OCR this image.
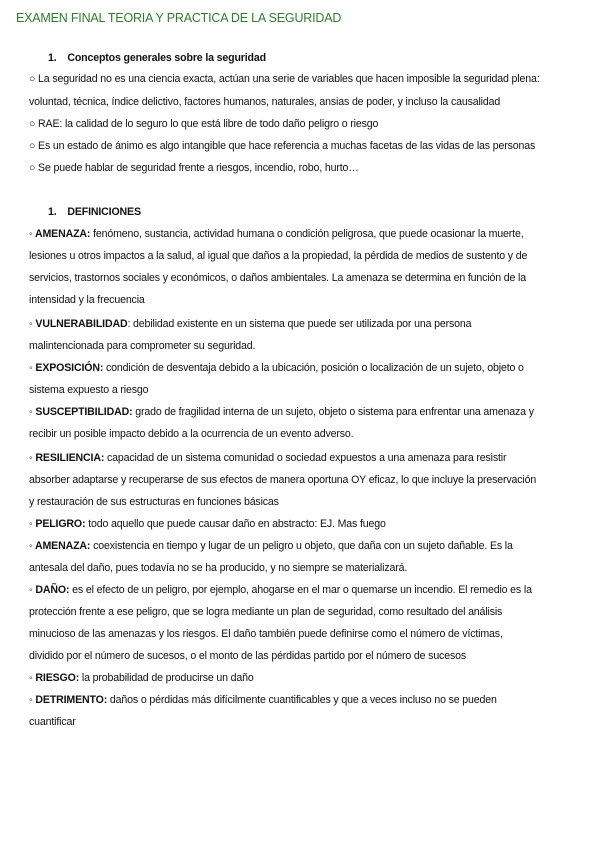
EXAMEN FINAL TEORIA Y PRACTICA DE LA SEGURIDAD
1. Conceptos generales sobre la seguridad
○ La seguridad no es una ciencia exacta, actúan una serie de variables que hacen imposible la seguridad plena:
voluntad, técnica, índice delictivo, factores humanos, naturales, ansias de poder, y incluso la causalidad
○ RAE: la calidad de lo seguro lo que está libre de todo daño peligro o riesgo
○ Es un estado de ánimo es algo intangible que hace referencia a muchas facetas de las vidas de las personas
○ Se puede hablar de seguridad frente a riesgos, incendio, robo, hurto…
1. DEFINICIONES
◦ AMENAZA: fenómeno, sustancia, actividad humana o condición peligrosa, que puede ocasionar la muerte,
lesiones u otros impactos a la salud, al igual que daños a la propiedad, la pérdida de medios de sustento y de
servicios, trastornos sociales y económicos, o daños ambientales. La amenaza se determina en función de la
intensidad y la frecuencia
◦ VULNERABILIDAD: debilidad existente en un sistema que puede ser utilizada por una persona
malintencionada para comprometer su seguridad.
◦ EXPOSICIÓN: condición de desventaja debido a la ubicación, posición o localización de un sujeto, objeto o
sistema expuesto a riesgo
◦ SUSCEPTIBILIDAD: grado de fragilidad interna de un sujeto, objeto o sistema para enfrentar una amenaza y
recibir un posible impacto debido a la ocurrencia de un evento adverso.
◦ RESILIENCIA: capacidad de un sistema comunidad o sociedad expuestos a una amenaza para resistir
absorber adaptarse y recuperarse de sus efectos de manera oportuna OY eficaz, lo que incluye la preservación
y restauración de sus estructuras en funciones básicas
◦ PELIGRO: todo aquello que puede causar daño en abstracto: EJ. Mas fuego
◦ AMENAZA: coexistencia en tiempo y lugar de un peligro u objeto, que daña con un sujeto dañable. Es la
antesala del daño, pues todavía no se ha producido, y no siempre se materializará.
◦ DAÑO: es el efecto de un peligro, por ejemplo, ahogarse en el mar o quemarse un incendio. El remedio es la
protección frente a ese peligro, que se logra mediante un plan de seguridad, como resultado del análisis
minucioso de las amenazas y los riesgos. El daño también puede definirse como el número de víctimas,
dividido por el número de sucesos, o el monto de las pérdidas partido por el número de sucesos
◦ RIESGO: la probabilidad de producirse un daño
◦ DETRIMENTO: daños o pérdidas más difícilmente cuantificables y que a veces incluso no se pueden
cuantificar
